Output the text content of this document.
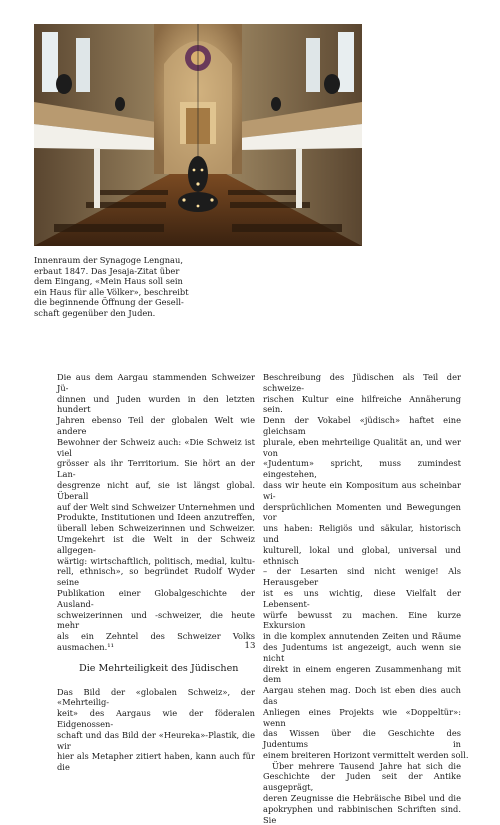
Innenraum der Synagoge Lengnau,
erbaut 1847. Das Jesaja-Zitat über
dem Eingang, «Mein Haus soll sein
ein Haus für alle Völker», beschreibt
die beginnende Öffnung der Gesell-
schaft gegenüber den Juden.
Die aus dem Aargau stammenden Schweizer Jü-
dinnen und Juden wurden in den letzten hundert
Jahren ebenso Teil der globalen Welt wie andere
Bewohner der Schweiz auch: «Die Schweiz ist viel
grösser als ihr Territorium. Sie hört an der Lan-
desgrenze nicht auf, sie ist längst global. Überall
auf der Welt sind Schweizer Unternehmen und
Produkte, Institutionen und Ideen anzutreffen,
überall leben Schweizerinnen und Schweizer.
Umgekehrt ist die Welt in der Schweiz allgegen-
wärtig: wirtschaftlich, politisch, medial, kultu-
rell, ethnisch», so begründet Rudolf Wyder seine
Publikation einer Globalgeschichte der Ausland-
schweizerinnen und -schweizer, die heute mehr
als ein Zehntel des Schweizer Volks ausmachen.¹¹
Die Mehrteiligkeit des Jüdischen
Das Bild der «globalen Schweiz», der «Mehrteilig-
keit» des Aargaus wie der föderalen Eidgenossen-
schaft und das Bild der «Heureka»-Plastik, die wir
hier als Metapher zitiert haben, kann auch für die
Beschreibung des Jüdischen als Teil der schweize-
rischen Kultur eine hilfreiche Annäherung sein.
Denn der Vokabel «jüdisch» haftet eine gleichsam
plurale, eben mehrteilige Qualität an, und wer von
«Judentum» spricht, muss zumindest eingestehen,
dass wir heute ein Kompositum aus scheinbar wi-
dersprüchlichen Momenten und Bewegungen vor
uns haben: Religiös und säkular, historisch und
kulturell, lokal und global, universal und ethnisch
– der Lesarten sind nicht wenige! Als Herausgeber
ist es uns wichtig, diese Vielfalt der Lebensent-
würfe bewusst zu machen. Eine kurze Exkursion
in die komplex annutenden Zeiten und Räume
des Judentums ist angezeigt, auch wenn sie nicht
direkt in einem engeren Zusammenhang mit dem
Aargau stehen mag. Doch ist eben dies auch das
Anliegen eines Projekts wie «Doppeltür»: wenn
das Wissen über die Geschichte des Judentums in
einem breiteren Horizont vermittelt werden soll.
Über mehrere Tausend Jahre hat sich die
Geschichte der Juden seit der Antike ausgeprägt,
deren Zeugnisse die Hebräische Bibel und die
apokryphen und rabbinischen Schriften sind. Sie
13
